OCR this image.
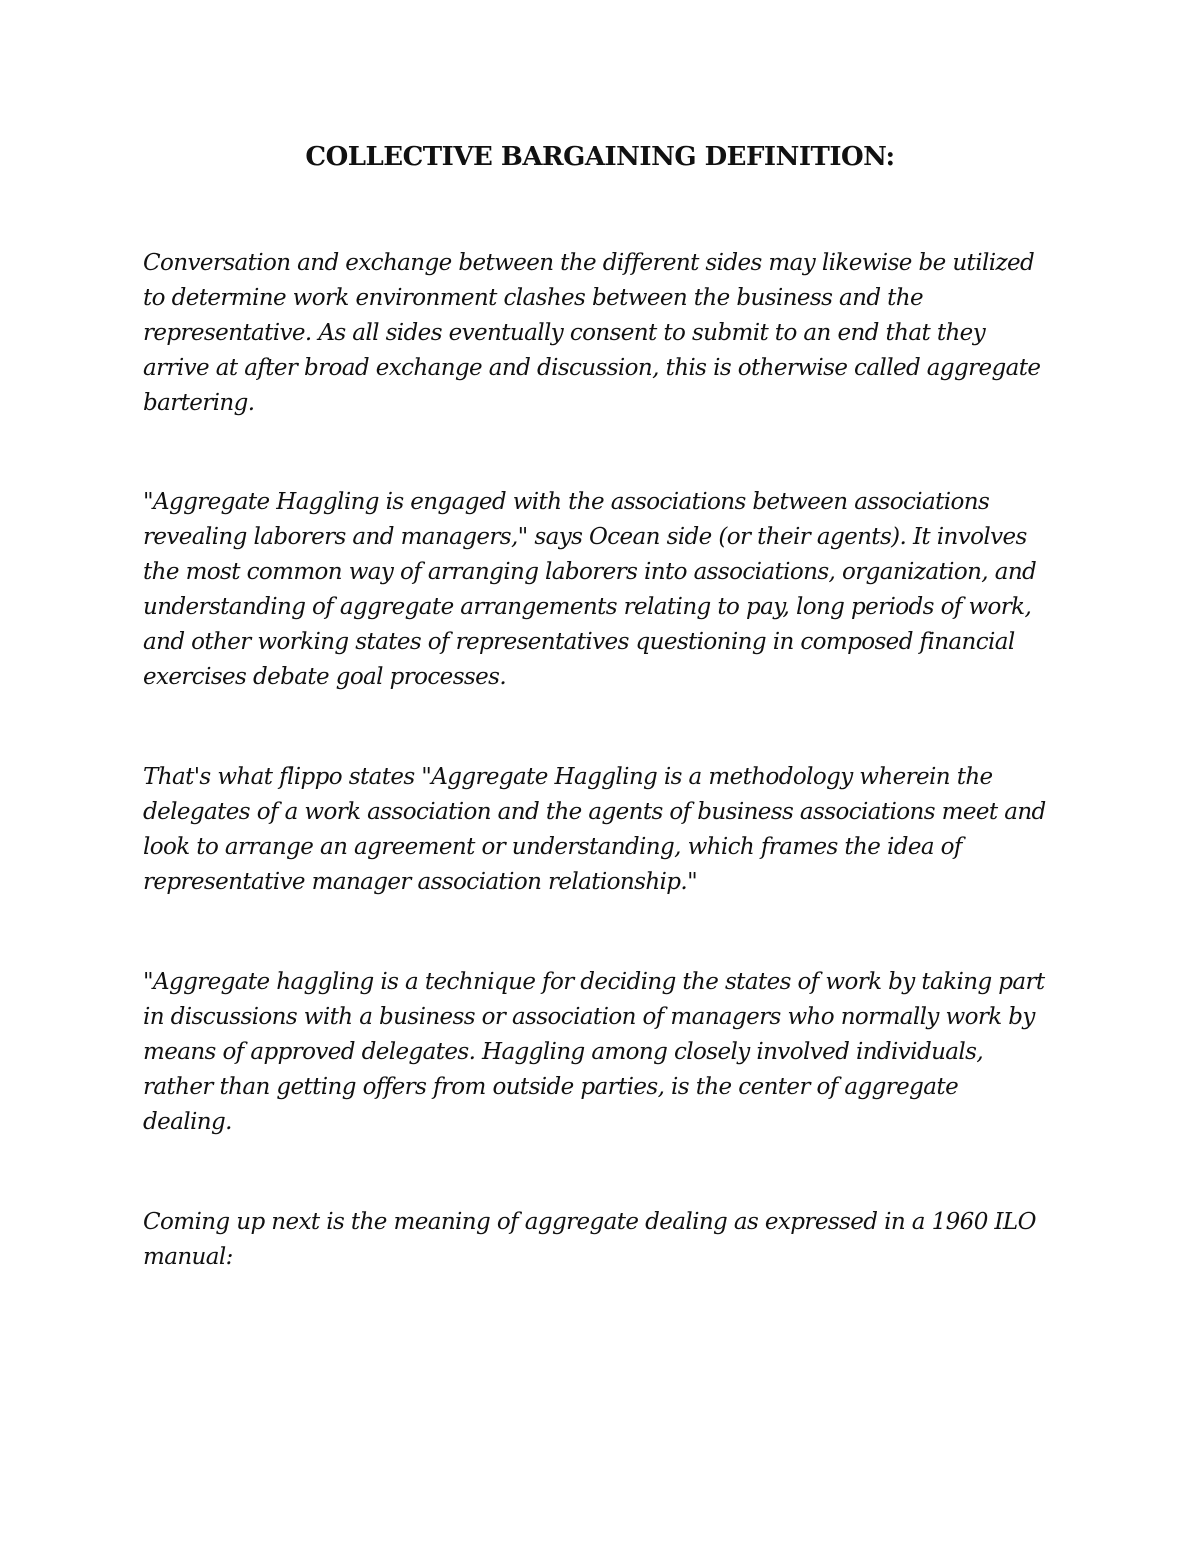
COLLECTIVE BARGAINING DEFINITION:

Conversation and exchange between the different sides may likewise be utilized
to determine work environment clashes between the business and the
representative. As all sides eventually consent to submit to an end that they
arrive at after broad exchange and discussion, this is otherwise called aggregate
bartering.

"Aggregate Haggling is engaged with the associations between associations
revealing laborers and managers," says Ocean side (or their agents). It involves
the most common way of arranging laborers into associations, organization, and
understanding of aggregate arrangements relating to pay, long periods of work,
and other working states of representatives questioning in composed financial
exercises debate goal processes.

That's what flippo states "Aggregate Haggling is a methodology wherein the
delegates of a work association and the agents of business associations meet and
look to arrange an agreement or understanding, which frames the idea of
representative manager association relationship."

"Aggregate haggling is a technique for deciding the states of work by taking part
in discussions with a business or association of managers who normally work by
means of approved delegates. Haggling among closely involved individuals,
rather than getting offers from outside parties, is the center of aggregate
dealing.

Coming up next is the meaning of aggregate dealing as expressed in a 1960 ILO
manual:
